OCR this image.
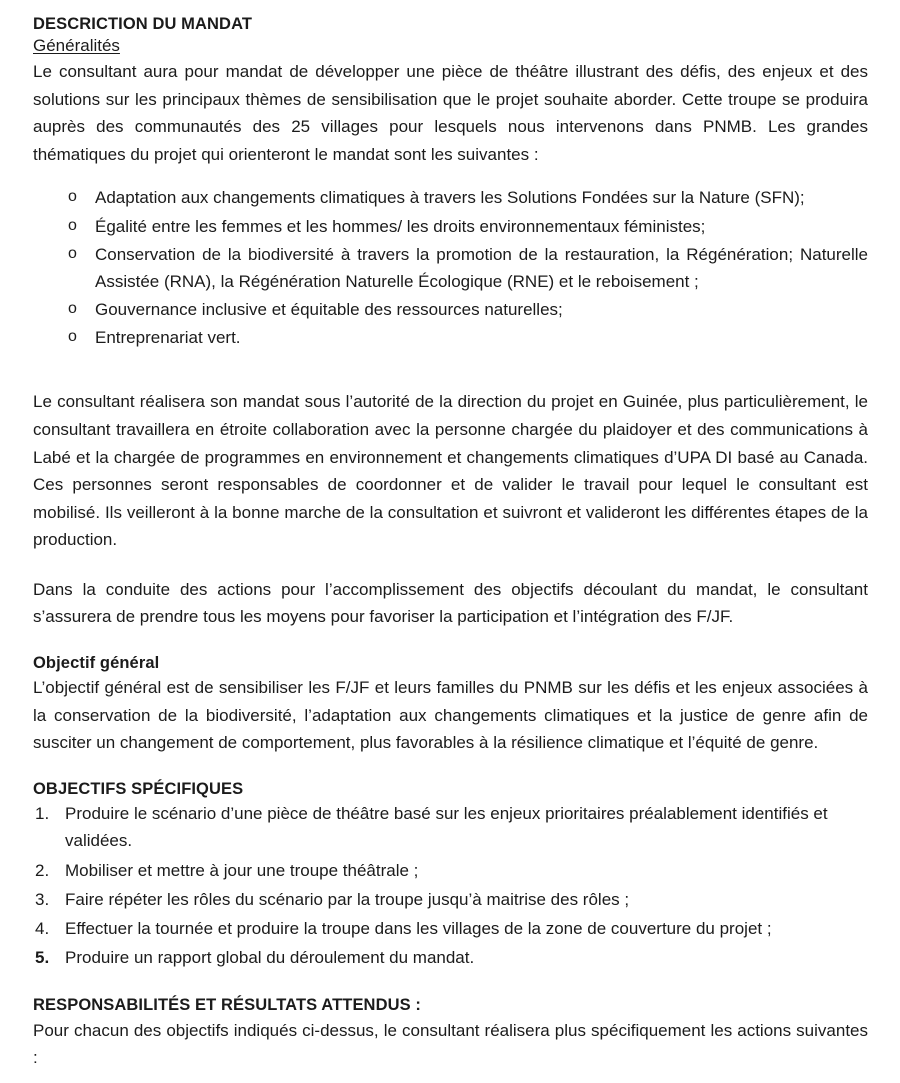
DESCRICTION DU MANDAT
Généralités

Le consultant aura pour mandat de développer une pièce de théâtre illustrant des défis, des enjeux et des solutions sur les principaux thèmes de sensibilisation que le projet souhaite aborder. Cette troupe se produira auprès des communautés des 25 villages pour lesquels nous intervenons dans PNMB. Les grandes thématiques du projet qui orienteront le mandat sont les suivantes :

o Adaptation aux changements climatiques à travers les Solutions Fondées sur la Nature (SFN);
o Égalité entre les femmes et les hommes/ les droits environnementaux féministes;
o Conservation de la biodiversité à travers la promotion de la restauration, la Régénération; Naturelle Assistée (RNA), la Régénération Naturelle Écologique (RNE) et le reboisement ;
o Gouvernance inclusive et équitable des ressources naturelles;
o Entreprenariat vert.

Le consultant réalisera son mandat sous l’autorité de la direction du projet en Guinée, plus particulièrement, le consultant travaillera en étroite collaboration avec la personne chargée du plaidoyer et des communications à Labé et la chargée de programmes en environnement et changements climatiques d’UPA DI basé au Canada. Ces personnes seront responsables de coordonner et de valider le travail pour lequel le consultant est mobilisé. Ils veilleront à la bonne marche de la consultation et suivront et valideront les différentes étapes de la production.

Dans la conduite des actions pour l’accomplissement des objectifs découlant du mandat, le consultant s’assurera de prendre tous les moyens pour favoriser la participation et l’intégration des F/JF.

Objectif général

L’objectif général est de sensibiliser les F/JF et leurs familles du PNMB sur les défis et les enjeux associées à la conservation de la biodiversité, l’adaptation aux changements climatiques et la justice de genre afin de susciter un changement de comportement, plus favorables à la résilience climatique et l’équité de genre.

OBJECTIFS SPÉCIFIQUES
1. Produire le scénario d’une pièce de théâtre basé sur les enjeux prioritaires préalablement identifiés et validées.
2. Mobiliser et mettre à jour une troupe théâtrale ;
3. Faire répéter les rôles du scénario par la troupe jusqu’à maitrise des rôles ;
4. Effectuer la tournée et produire la troupe dans les villages de la zone de couverture du projet ;
5. Produire un rapport global du déroulement du mandat.
RESPONSABILITÉS ET RÉSULTATS ATTENDUS :

Pour chacun des objectifs indiqués ci-dessus, le consultant réalisera plus spécifiquement les actions suivantes :
